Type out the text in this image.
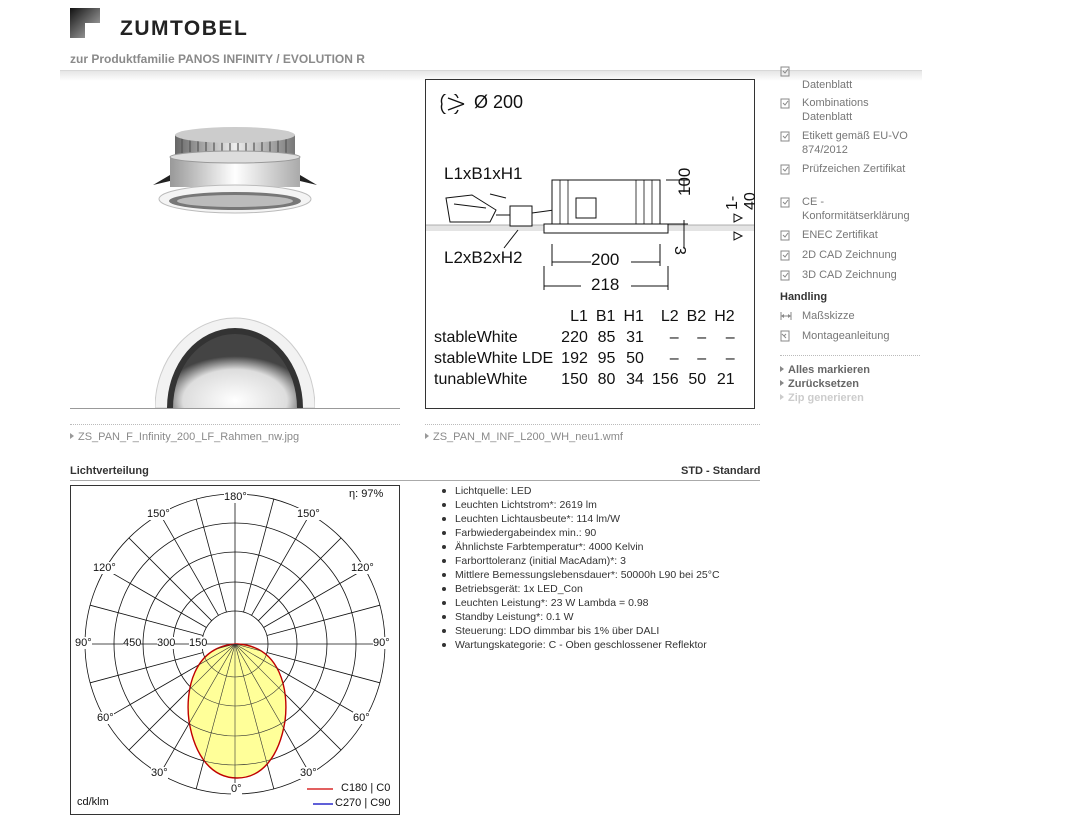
ZUMTOBEL
zur Produktfamilie PANOS INFINITY / EVOLUTION R
Ø 200
L1xB1xH1
L2xB2xH2	200
218
100
3
1-40
	L1	B1	H1	L2	B2	H2
stableWhite	220	85	31	–	–	–
stableWhite LDE	192	95	50	–	–	–
tunableWhite	150	80	34	156	50	21
ZS_PAN_F_Infinity_200_LF_Rahmen_nw.jpg	ZS_PAN_M_INF_L200_WH_neu1.wmf
Datenblatt
Kombinations Datenblatt
Etikett gemäß EU-VO 874/2012
Prüfzeichen Zertifikat
CE - Konformitätserklärung
ENEC Zertifikat
2D CAD Zeichnung
3D CAD Zeichnung
Handling
Maßskizze
Montageanleitung
Alles markieren
Zurücksetzen
Zip generieren
Lichtverteilung	STD - Standard
η: 97%
cd/klm
C180 | C0
C270 | C90
180°
150°	150°
120°	120°
90°	90°
60°	60°
30°	30°
0°
450 300 150
Lichtquelle: LED
Leuchten Lichtstrom*: 2619 lm
Leuchten Lichtausbeute*: 114 lm/W
Farbwiedergabeindex min.: 90
Ähnlichste Farbtemperatur*: 4000 Kelvin
Farborttoleranz (initial MacAdam)*: 3
Mittlere Bemessungslebensdauer*: 50000h L90 bei 25°C
Betriebsgerät: 1x LED_Con
Leuchten Leistung*: 23 W Lambda = 0.98
Standby Leistung*: 0.1 W
Steuerung: LDO dimmbar bis 1% über DALI
Wartungskategorie: C - Oben geschlossener Reflektor
